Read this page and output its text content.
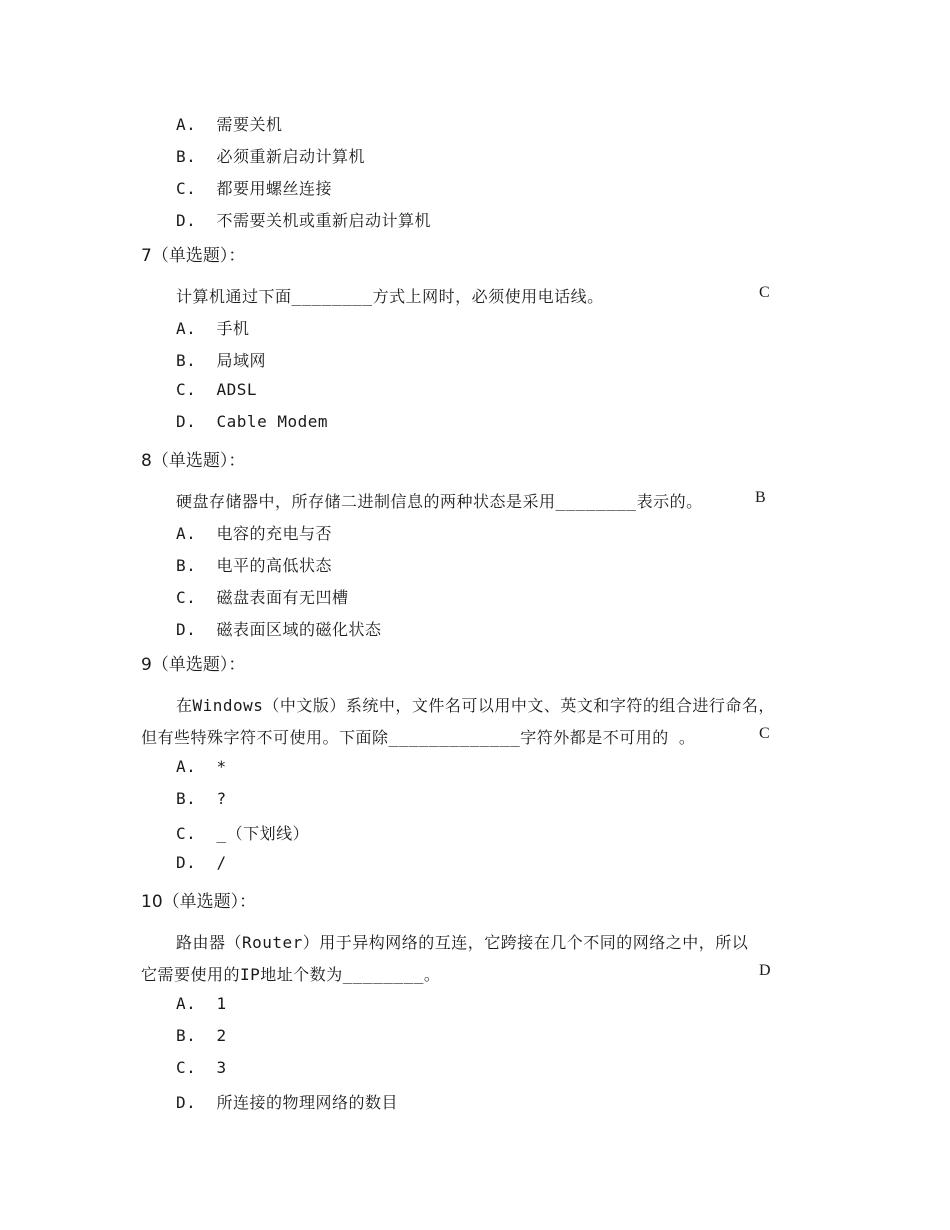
A.  需要关机
B.  必须重新启动计算机
C.  都要用螺丝连接
D.  不需要关机或重新启动计算机
7（单选题）：
计算机通过下面________方式上网时，必须使用电话线。	C
A.  手机
B.  局域网
C.  ADSL
D.  Cable Modem
8（单选题）：
硬盘存储器中，所存储二进制信息的两种状态是采用________表示的。	B
A.  电容的充电与否
B.  电平的高低状态
C.  磁盘表面有无凹槽
D.  磁表面区域的磁化状态
9（单选题）：
在Windows（中文版）系统中，文件名可以用中文、英文和字符的组合进行命名，
但有些特殊字符不可使用。下面除_____________字符外都是不可用的 。	C
A.  *
B.  ?
C.  _（下划线）
D.  /
10（单选题）：
路由器（Router）用于异构网络的互连，它跨接在几个不同的网络之中，所以
它需要使用的IP地址个数为________。	D
A.  1
B.  2
C.  3
D.  所连接的物理网络的数目
